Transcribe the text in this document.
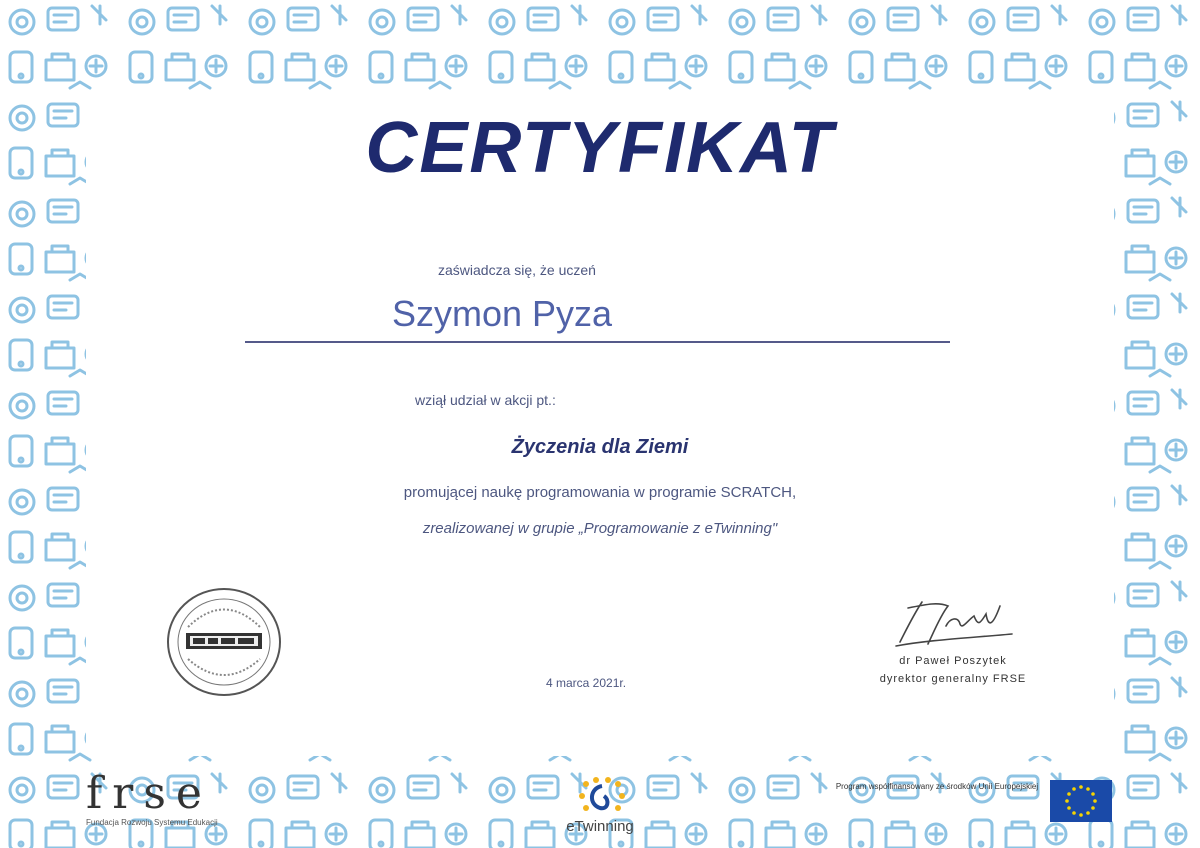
CERTYFIKAT
zaświadcza się, że uczeń
Szymon Pyza
wziął udział w akcji pt.:
Życzenia dla Ziemi
promującej naukę programowania w programie SCRATCH,
zrealizowanej w grupie „Programowanie z eTwinning"
4 marca 2021r.
dr Paweł Poszytek
dyrektor generalny FRSE
frse
Fundacja Rozwoju Systemu Edukacji	eTwinning
Program współfinansowany ze środków Unii Europejskiej
